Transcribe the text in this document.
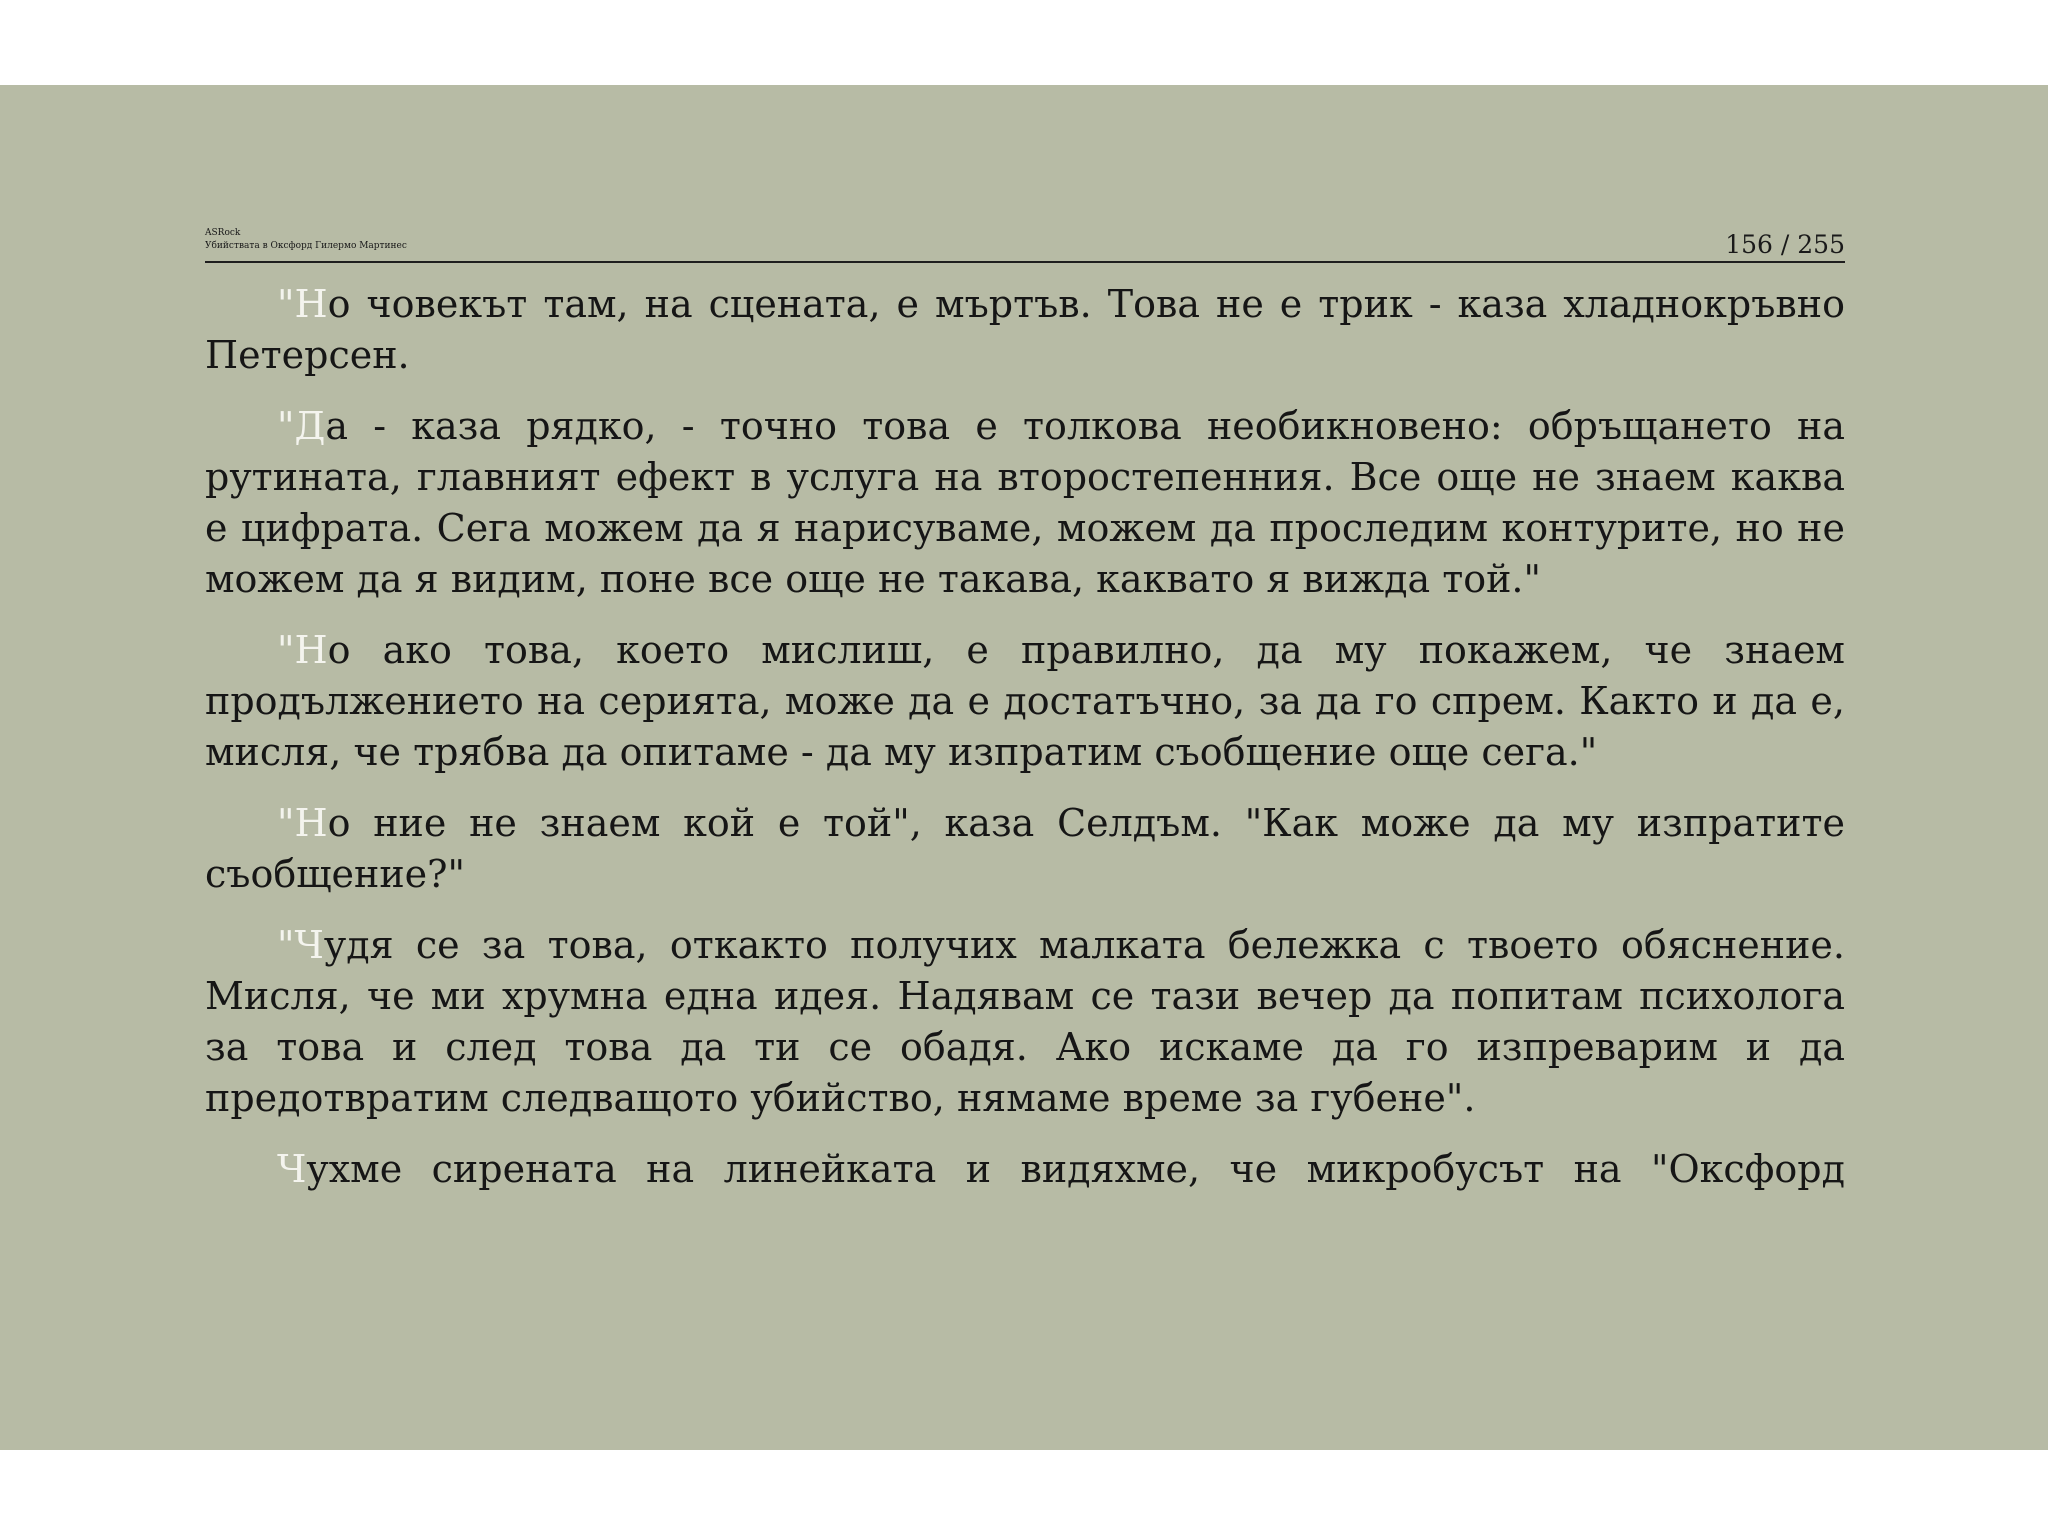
ASRock
Убийствата в Оксфорд Гилермо Мартинес	156 / 255

"Но човекът там, на сцената, е мъртъв. Това не е трик - каза хладнокръвно Петерсен.

"Да - каза рядко, - точно това е толкова необикновено: обръщането на рутината, главният ефект в услуга на второстепенния. Все още не знаем каква е цифрата. Сега можем да я нарисуваме, можем да проследим контурите, но не можем да я видим, поне все още не такава, каквато я вижда той."

"Но ако това, което мислиш, е правилно, да му покажем, че знаем продължението на серията, може да е достатъчно, за да го спрем. Както и да е, мисля, че трябва да опитаме - да му изпратим съобщение още сега."

"Но ние не знаем кой е той", каза Селдъм. "Как може да му изпратите съобщение?"

"Чудя се за това, откакто получих малката бележка с твоето обяснение. Мисля, че ми хрумна една идея. Надявам се тази вечер да попитам психолога за това и след това да ти се обадя. Ако искаме да го изпреварим и да предотвратим следващото убийство, нямаме време за губене".

Чухме сирената на линейката и видяхме, че микробусът на "Оксфорд
